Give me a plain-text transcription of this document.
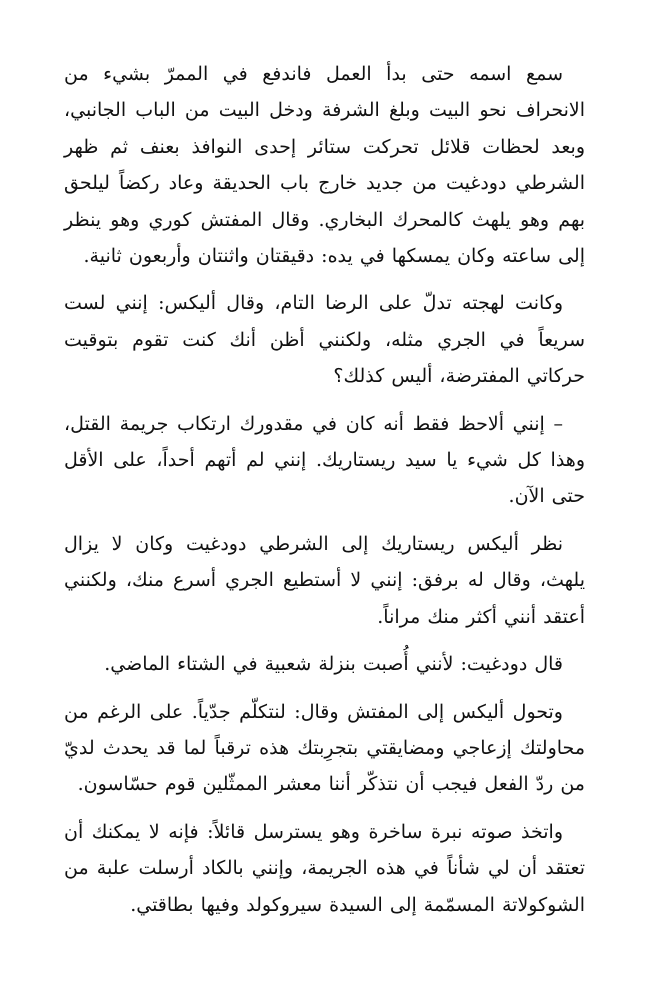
سمع اسمه حتى بدأ العمل فاندفع في الممرّ بشيء من الانحراف نحو البيت وبلغ الشرفة ودخل البيت من الباب الجانبي، وبعد لحظات قلائل تحركت ستائر إحدى النوافذ بعنف ثم ظهر الشرطي دودغيت من جديد خارج باب الحديقة وعاد ركضاً ليلحق بهم وهو يلهث كالمحرك البخاري. وقال المفتش كوري وهو ينظر إلى ساعته وكان يمسكها في يده: دقيقتان واثنتان وأربعون ثانية.

وكانت لهجته تدلّ على الرضا التام، وقال أليكس: إنني لست سريعاً في الجري مثله، ولكنني أظن أنك كنت تقوم بتوقيت حركاتي المفترضة، أليس كذلك؟

– إنني ألاحظ فقط أنه كان في مقدورك ارتكاب جريمة القتل، وهذا كل شيء يا سيد ريستاريك. إنني لم أتهم أحداً، على الأقل حتى الآن.

نظر أليكس ريستاريك إلى الشرطي دودغيت وكان لا يزال يلهث، وقال له برفق: إنني لا أستطيع الجري أسرع منك، ولكنني أعتقد أنني أكثر منك مراناً.

قال دودغيت: لأنني أُصبت بنزلة شعبية في الشتاء الماضي.

وتحول أليكس إلى المفتش وقال: لنتكلّم جدّياً. على الرغم من محاولتك إزعاجي ومضايقتي بتجرِبتك هذه ترقباً لما قد يحدث لديّ من ردّ الفعل فيجب أن نتذكّر أننا معشر الممثّلين قوم حسّاسون.

واتخذ صوته نبرة ساخرة وهو يسترسل قائلاً: فإنه لا يمكنك أن تعتقد أن لي شأناً في هذه الجريمة، وإنني بالكاد أرسلت علبة من الشوكولاتة المسمّمة إلى السيدة سيروكولد وفيها بطاقتي.
